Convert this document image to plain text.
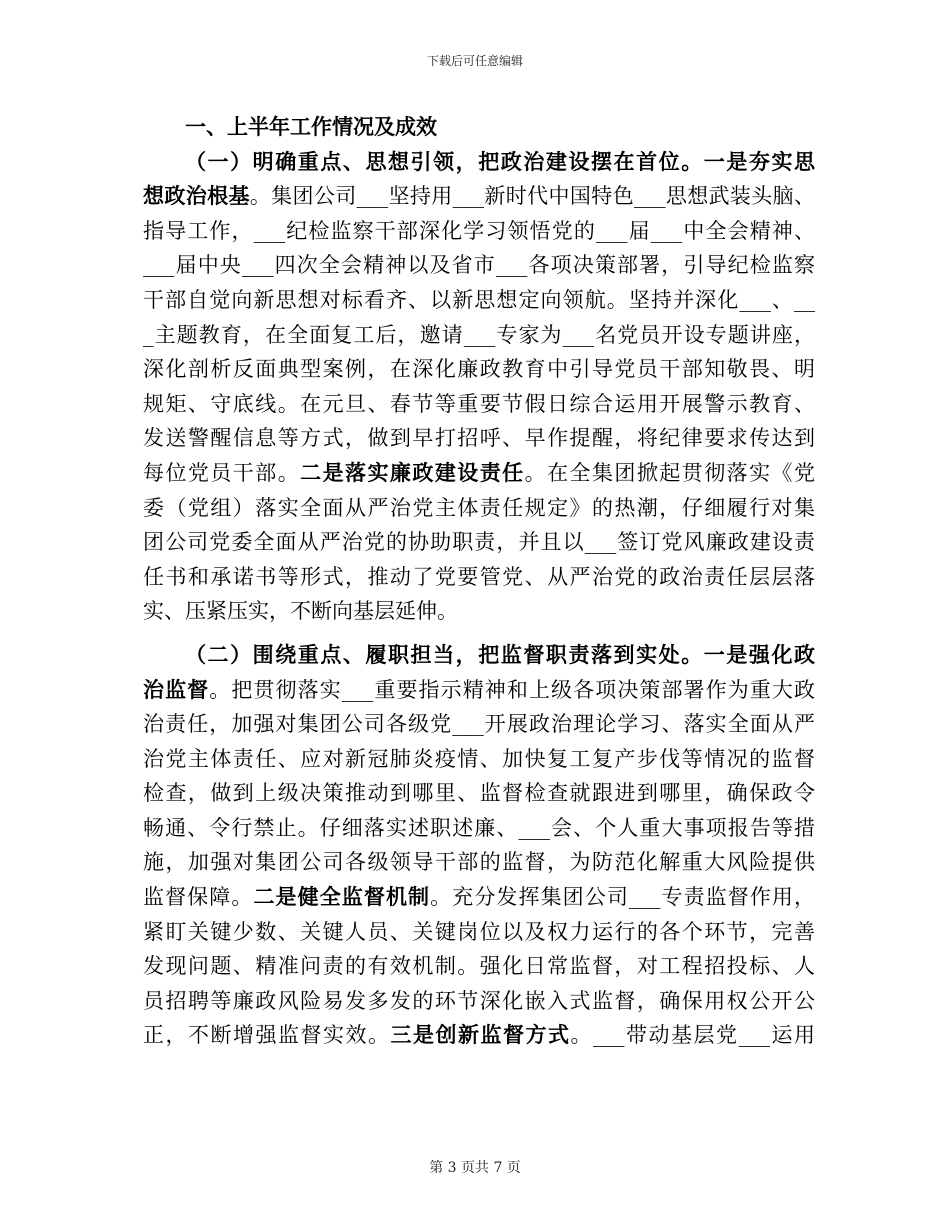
下载后可任意编辑
一、上半年工作情况及成效
（一）明确重点、思想引领，把政治建设摆在首位。一是夯实思
想政治根基。集团公司___坚持用___新时代中国特色___思想武装头脑、
指导工作，___纪检监察干部深化学习领悟党的___届___中全会精神、
___届中央___四次全会精神以及省市___各项决策部署，引导纪检监察
干部自觉向新思想对标看齐、以新思想定向领航。坚持并深化___、__
_主题教育，在全面复工后，邀请___专家为___名党员开设专题讲座，
深化剖析反面典型案例，在深化廉政教育中引导党员干部知敬畏、明
规矩、守底线。在元旦、春节等重要节假日综合运用开展警示教育、
发送警醒信息等方式，做到早打招呼、早作提醒，将纪律要求传达到
每位党员干部。二是落实廉政建设责任。在全集团掀起贯彻落实《党
委（党组）落实全面从严治党主体责任规定》的热潮，仔细履行对集
团公司党委全面从严治党的协助职责，并且以___签订党风廉政建设责
任书和承诺书等形式，推动了党要管党、从严治党的政治责任层层落
实、压紧压实，不断向基层延伸。
（二）围绕重点、履职担当，把监督职责落到实处。一是强化政
治监督。把贯彻落实___重要指示精神和上级各项决策部署作为重大政
治责任，加强对集团公司各级党___开展政治理论学习、落实全面从严
治党主体责任、应对新冠肺炎疫情、加快复工复产步伐等情况的监督
检查，做到上级决策推动到哪里、监督检查就跟进到哪里，确保政令
畅通、令行禁止。仔细落实述职述廉、___会、个人重大事项报告等措
施，加强对集团公司各级领导干部的监督，为防范化解重大风险提供
监督保障。二是健全监督机制。充分发挥集团公司___专责监督作用，
紧盯关键少数、关键人员、关键岗位以及权力运行的各个环节，完善
发现问题、精准问责的有效机制。强化日常监督，对工程招投标、人
员招聘等廉政风险易发多发的环节深化嵌入式监督，确保用权公开公
正，不断增强监督实效。三是创新监督方式。___带动基层党___运用
第 3 页共 7 页
